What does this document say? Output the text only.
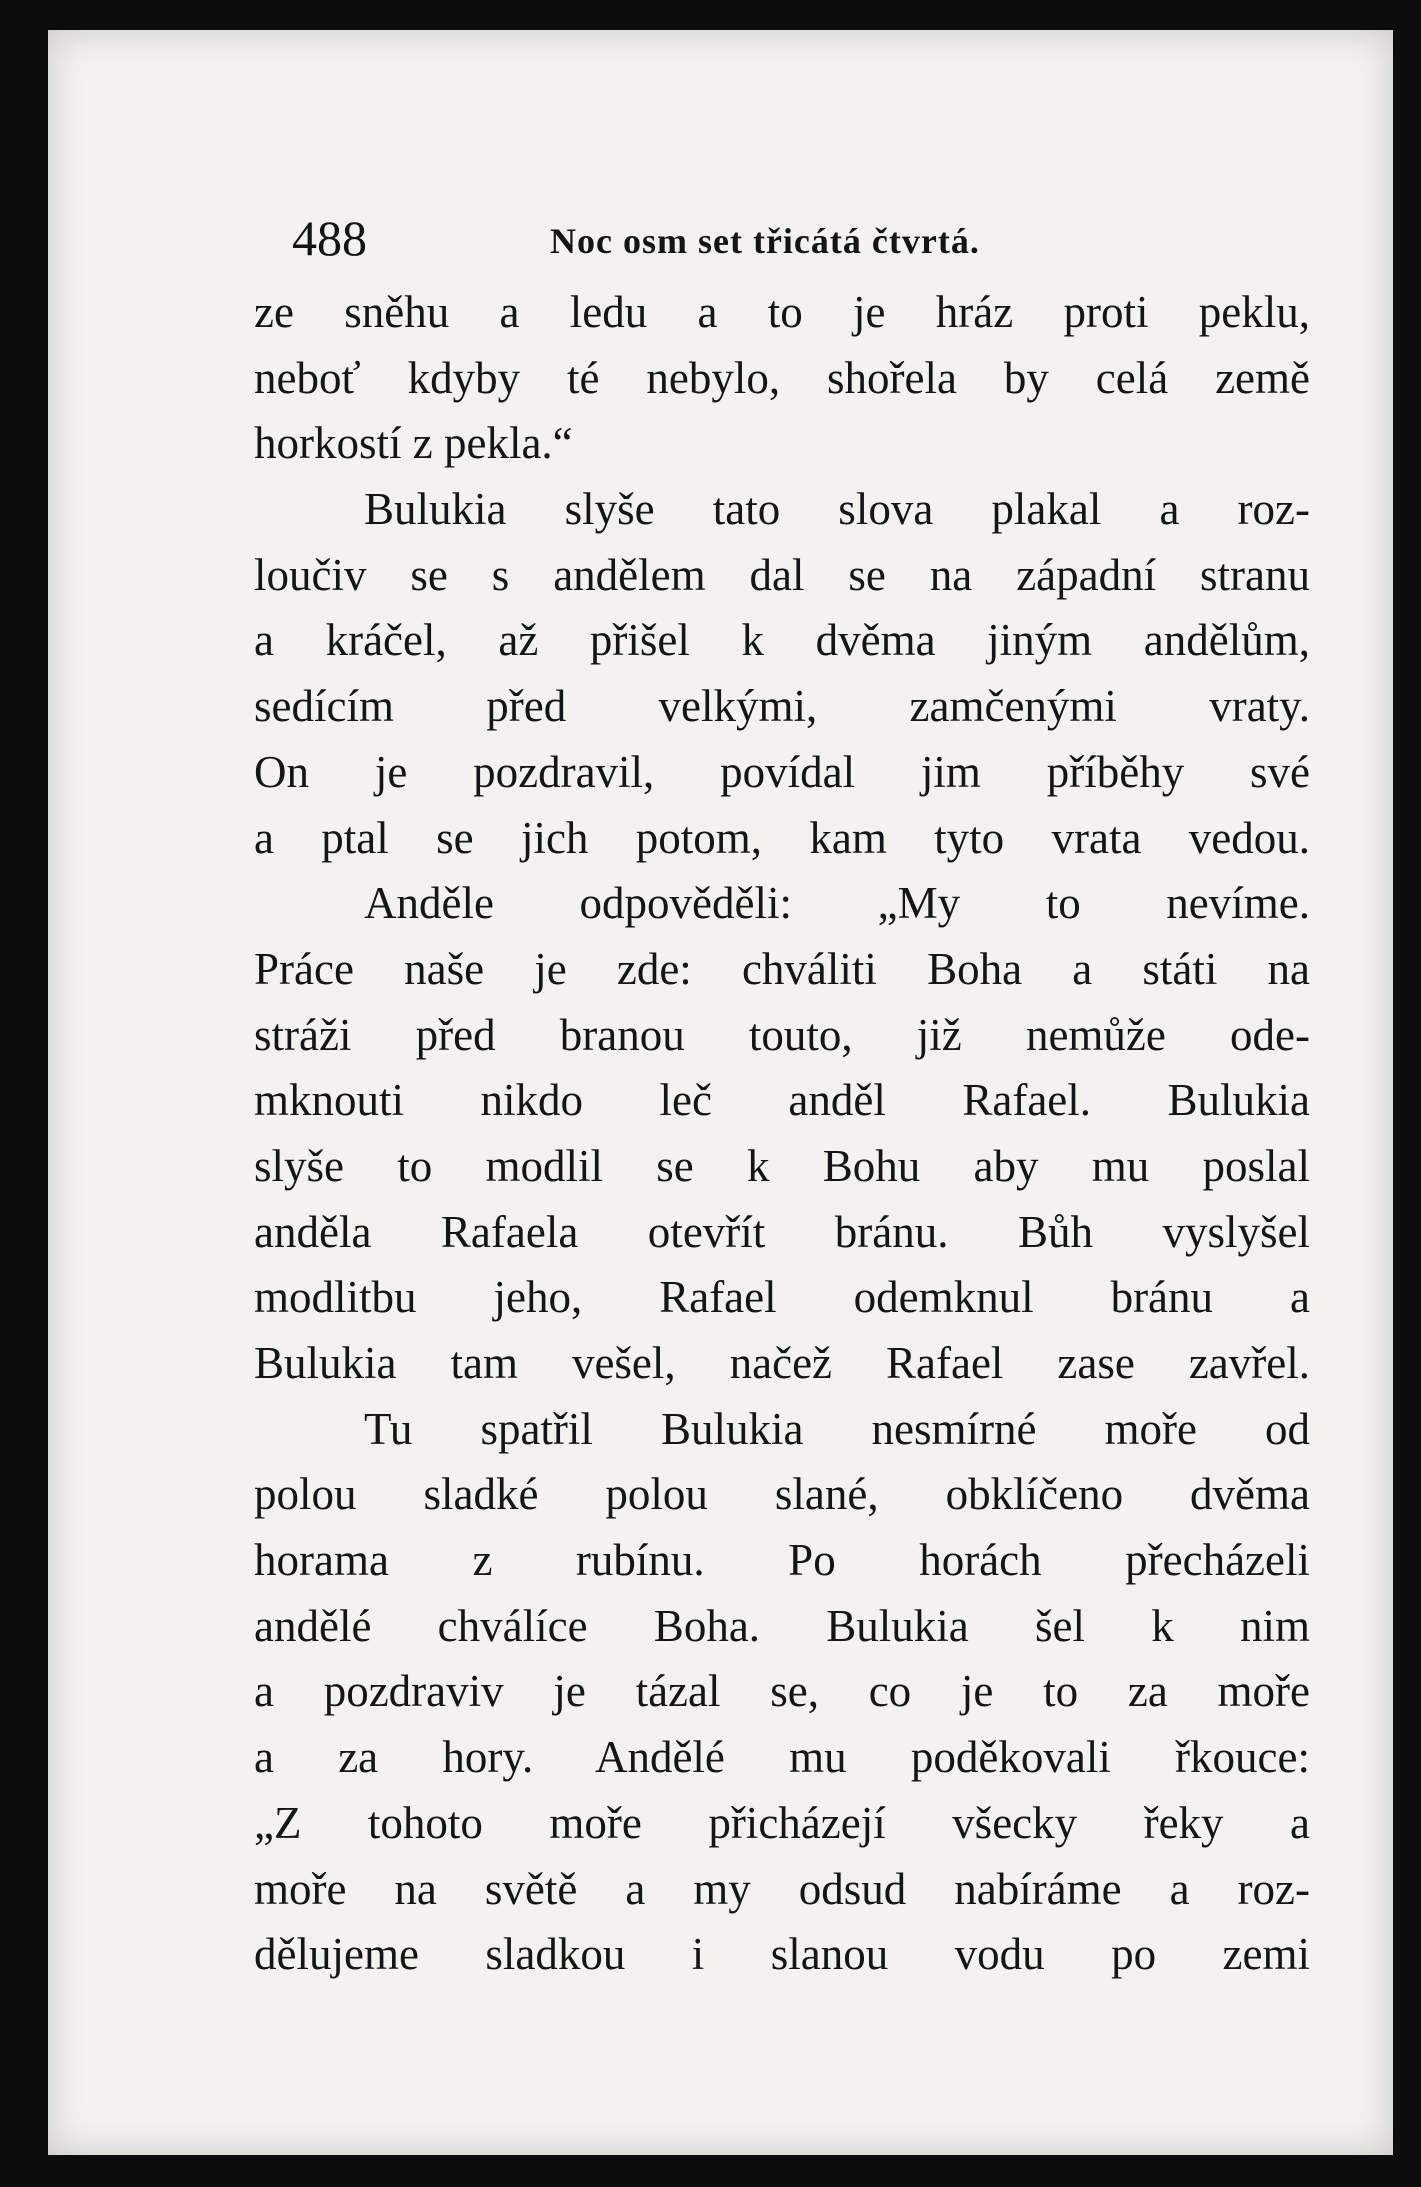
488	Noc osm set třicátá čtvrtá.
ze sněhu a ledu a to je hráz proti peklu,
neboť kdyby té nebylo, shořela by celá země
horkostí z pekla.“
Bulukia slyše tato slova plakal a roz-
loučiv se s andělem dal se na západní stranu
a kráčel, až přišel k dvěma jiným andělům,
sedícím před velkými, zamčenými vraty.
On je pozdravil, povídal jim příběhy své
a ptal se jich potom, kam tyto vrata vedou.
Anděle odpověděli: „My to nevíme.
Práce naše je zde: chváliti Boha a státi na
stráži před branou touto, již nemůže ode-
mknouti nikdo leč anděl Rafael. Bulukia
slyše to modlil se k Bohu aby mu poslal
anděla Rafaela otevřít bránu. Bůh vyslyšel
modlitbu jeho, Rafael odemknul bránu a
Bulukia tam vešel, načež Rafael zase zavřel.
Tu spatřil Bulukia nesmírné moře od
polou sladké polou slané, obklíčeno dvěma
horama z rubínu. Po horách přecházeli
andělé chválíce Boha. Bulukia šel k nim
a pozdraviv je tázal se, co je to za moře
a za hory. Andělé mu poděkovali řkouce:
„Z tohoto moře přicházejí všecky řeky a
moře na světě a my odsud nabíráme a roz-
dělujeme sladkou i slanou vodu po zemi
